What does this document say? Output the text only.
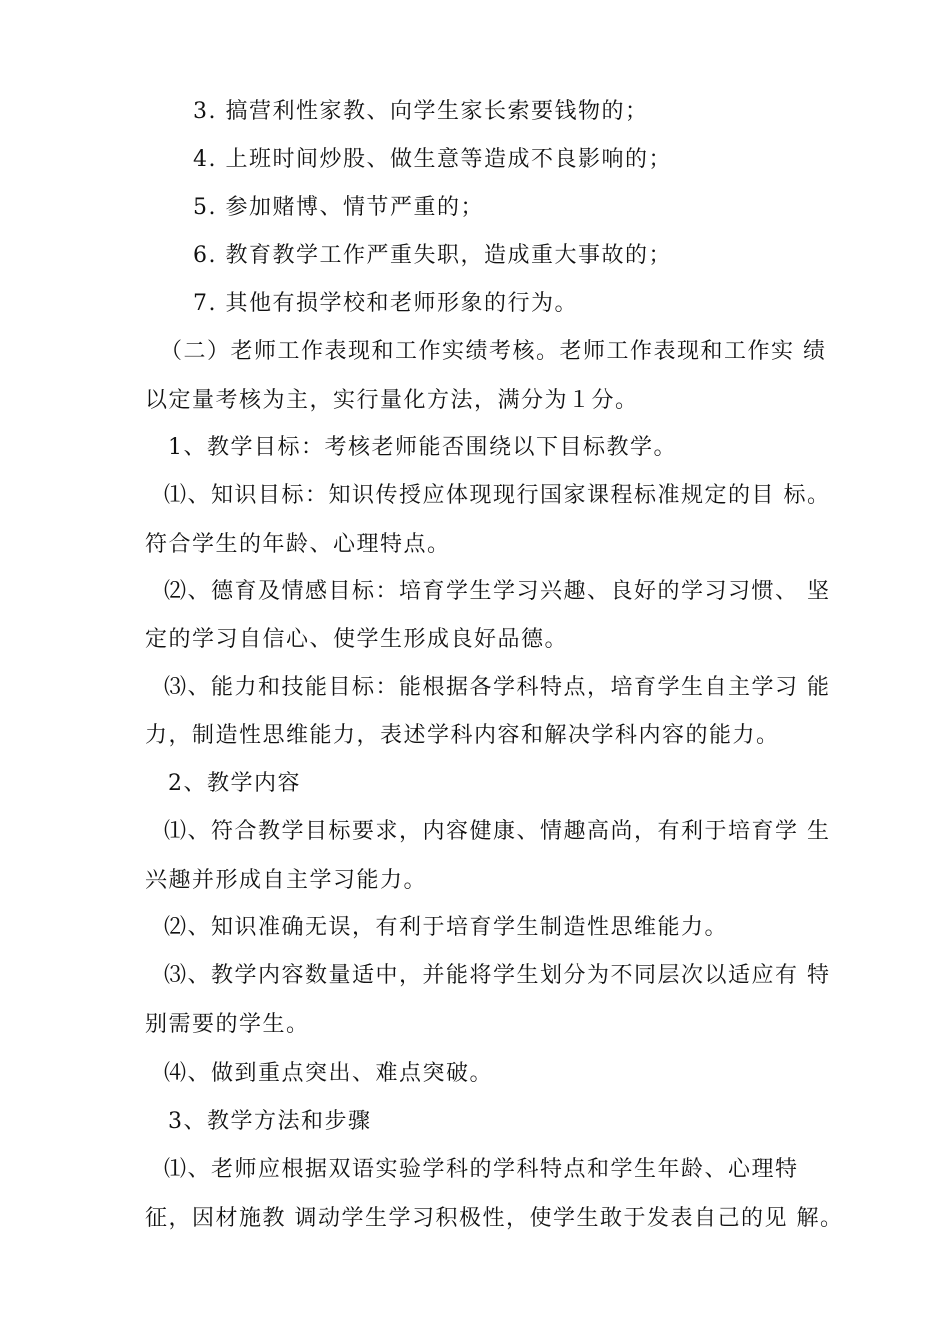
3. 搞营利性家教、向学生家长索要钱物的；
4. 上班时间炒股、做生意等造成不良影响的；
5. 参加赌博、情节严重的；
6. 教育教学工作严重失职，造成重大事故的；
7. 其他有损学校和老师形象的行为。
（二）老师工作表现和工作实绩考核。老师工作表现和工作实 绩
以定量考核为主，实行量化方法，满分为１分。
1、教学目标：考核老师能否围绕以下目标教学。
⑴、知识目标：知识传授应体现现行国家课程标准规定的目 标。
符合学生的年龄、心理特点。
⑵、德育及情感目标：培育学生学习兴趣、良好的学习习惯、 坚
定的学习自信心、使学生形成良好品德。
⑶、能力和技能目标：能根据各学科特点，培育学生自主学习 能
力，制造性思维能力，表述学科内容和解决学科内容的能力。
2、教学内容
⑴、符合教学目标要求，内容健康、情趣高尚，有利于培育学 生
兴趣并形成自主学习能力。
⑵、知识准确无误，有利于培育学生制造性思维能力。
⑶、教学内容数量适中，并能将学生划分为不同层次以适应有 特
别需要的学生。
⑷、做到重点突出、难点突破。
3、教学方法和步骤
⑴、老师应根据双语实验学科的学科特点和学生年龄、心理特
征，因材施教 调动学生学习积极性，使学生敢于发表自己的见 解。
